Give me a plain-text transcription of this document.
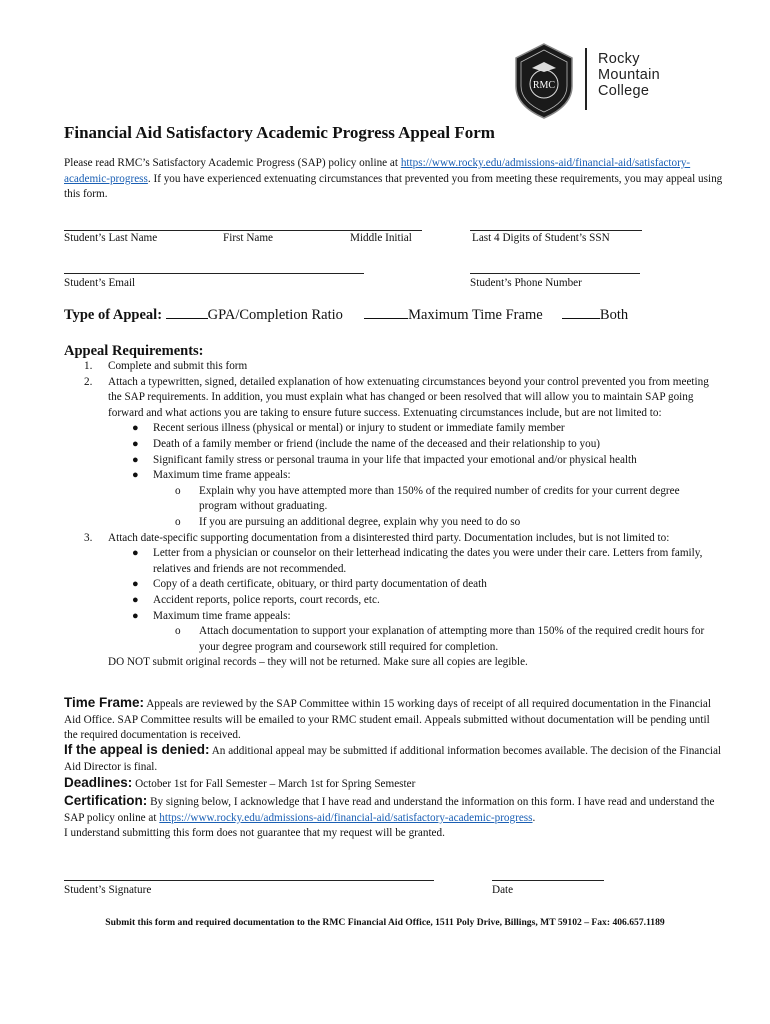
RMC
Rocky
Mountain
College
Financial Aid Satisfactory Academic Progress Appeal Form
Please read RMC’s Satisfactory Academic Progress (SAP) policy online at https://www.rocky.edu/admissions-aid/financial-aid/satisfactory-academic-progress. If you have experienced extenuating circumstances that prevented you from meeting these requirements, you may appeal using this form.
Student’s Last Name	First Name	Middle Initial	Last 4 Digits of Student’s SSN
Student’s Email	Student’s Phone Number
Type of Appeal:	GPA/Completion Ratio	Maximum Time Frame	Both
Appeal Requirements:
1. Complete and submit this form
2. Attach a typewritten, signed, detailed explanation of how extenuating circumstances beyond your control prevented you from meeting the SAP requirements. In addition, you must explain what has changed or been resolved that will allow you to maintain SAP going forward and what actions you are taking to ensure future success. Extenuating circumstances include, but are not limited to:
● Recent serious illness (physical or mental) or injury to student or immediate family member
● Death of a family member or friend (include the name of the deceased and their relationship to you)
● Significant family stress or personal trauma in your life that impacted your emotional and/or physical health
● Maximum time frame appeals:
o Explain why you have attempted more than 150% of the required number of credits for your current degree program without graduating.
o If you are pursuing an additional degree, explain why you need to do so
3. Attach date-specific supporting documentation from a disinterested third party. Documentation includes, but is not limited to:
● Letter from a physician or counselor on their letterhead indicating the dates you were under their care. Letters from family, relatives and friends are not recommended.
● Copy of a death certificate, obituary, or third party documentation of death
● Accident reports, police reports, court records, etc.
● Maximum time frame appeals:
o Attach documentation to support your explanation of attempting more than 150% of the required credit hours for your degree program and coursework still required for completion.
DO NOT submit original records – they will not be returned. Make sure all copies are legible.
Time Frame: Appeals are reviewed by the SAP Committee within 15 working days of receipt of all required documentation in the Financial Aid Office. SAP Committee results will be emailed to your RMC student email. Appeals submitted without documentation will be pending until the required documentation is received.
If the appeal is denied: An additional appeal may be submitted if additional information becomes available. The decision of the Financial Aid Director is final.
Deadlines: October 1st for Fall Semester – March 1st for Spring Semester
Certification: By signing below, I acknowledge that I have read and understand the information on this form. I have read and understand the SAP policy online at https://www.rocky.edu/admissions-aid/financial-aid/satisfactory-academic-progress.
I understand submitting this form does not guarantee that my request will be granted.
Student’s Signature	Date
Submit this form and required documentation to the RMC Financial Aid Office, 1511 Poly Drive, Billings, MT 59102 – Fax: 406.657.1189
